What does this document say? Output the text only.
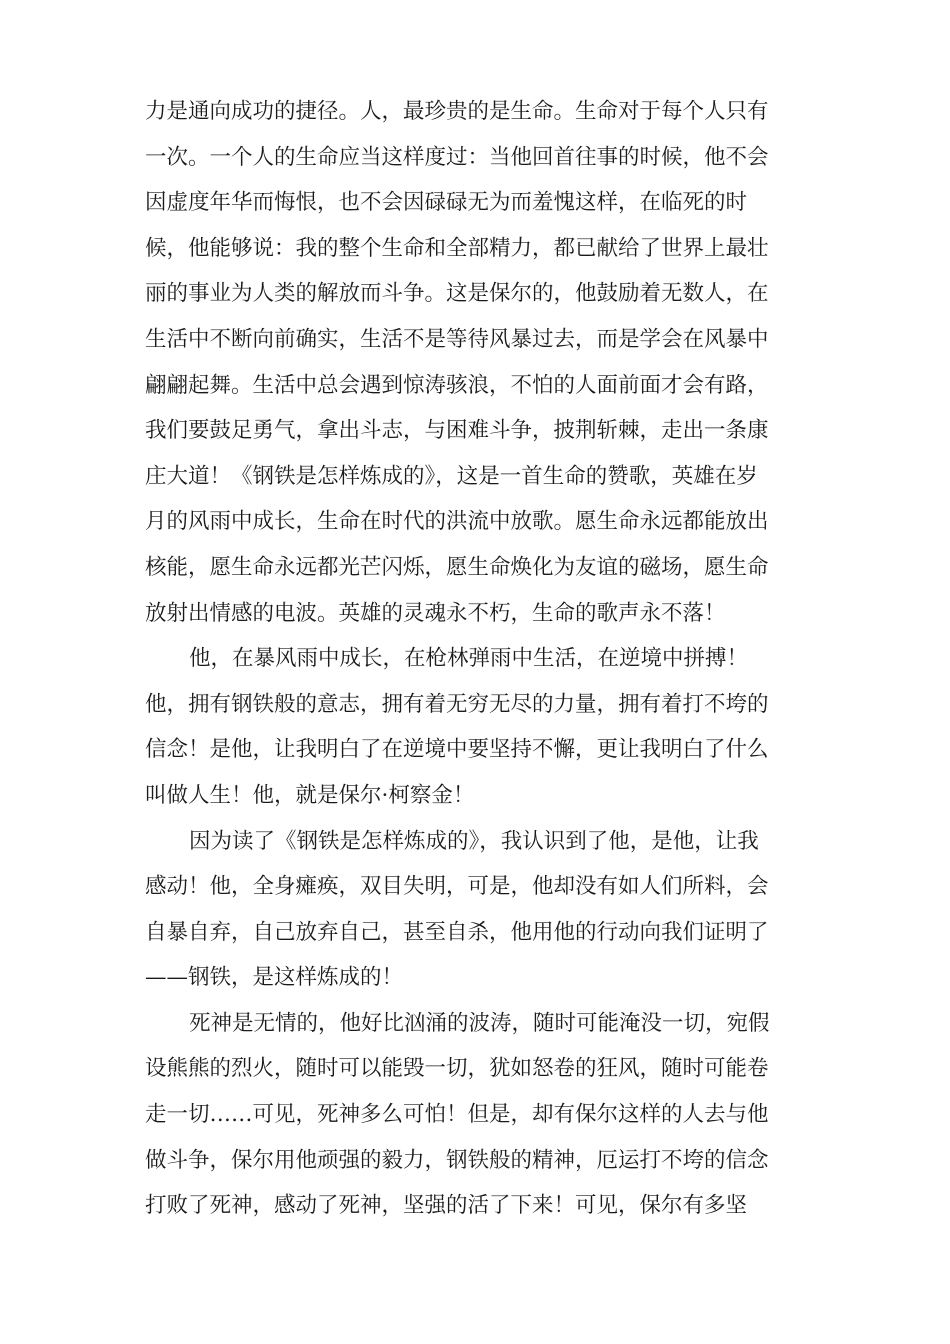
力是通向成功的捷径。人，最珍贵的是生命。生命对于每个人只有
一次。一个人的生命应当这样度过：当他回首往事的时候，他不会
因虚度年华而悔恨，也不会因碌碌无为而羞愧这样，在临死的时
候，他能够说：我的整个生命和全部精力，都已献给了世界上最壮
丽的事业为人类的解放而斗争。这是保尔的，他鼓励着无数人，在
生活中不断向前确实，生活不是等待风暴过去，而是学会在风暴中
翩翩起舞。生活中总会遇到惊涛骇浪，不怕的人面前面才会有路，
我们要鼓足勇气，拿出斗志，与困难斗争，披荆斩棘，走出一条康
庄大道！《钢铁是怎样炼成的》，这是一首生命的赞歌，英雄在岁
月的风雨中成长，生命在时代的洪流中放歌。愿生命永远都能放出
核能，愿生命永远都光芒闪烁，愿生命焕化为友谊的磁场，愿生命
放射出情感的电波。英雄的灵魂永不朽，生命的歌声永不落！
他，在暴风雨中成长，在枪林弹雨中生活，在逆境中拼搏！
他，拥有钢铁般的意志，拥有着无穷无尽的力量，拥有着打不垮的
信念！是他，让我明白了在逆境中要坚持不懈，更让我明白了什么
叫做人生！他，就是保尔·柯察金！
因为读了《钢铁是怎样炼成的》，我认识到了他，是他，让我
感动！他，全身瘫痪，双目失明，可是，他却没有如人们所料，会
自暴自弃，自己放弃自己，甚至自杀，他用他的行动向我们证明了
——钢铁，是这样炼成的！
死神是无情的，他好比汹涌的波涛，随时可能淹没一切，宛假
设熊熊的烈火，随时可以能毁一切，犹如怒卷的狂风，随时可能卷
走一切……可见，死神多么可怕！但是，却有保尔这样的人去与他
做斗争，保尔用他顽强的毅力，钢铁般的精神，厄运打不垮的信念
打败了死神，感动了死神，坚强的活了下来！可见，保尔有多坚
